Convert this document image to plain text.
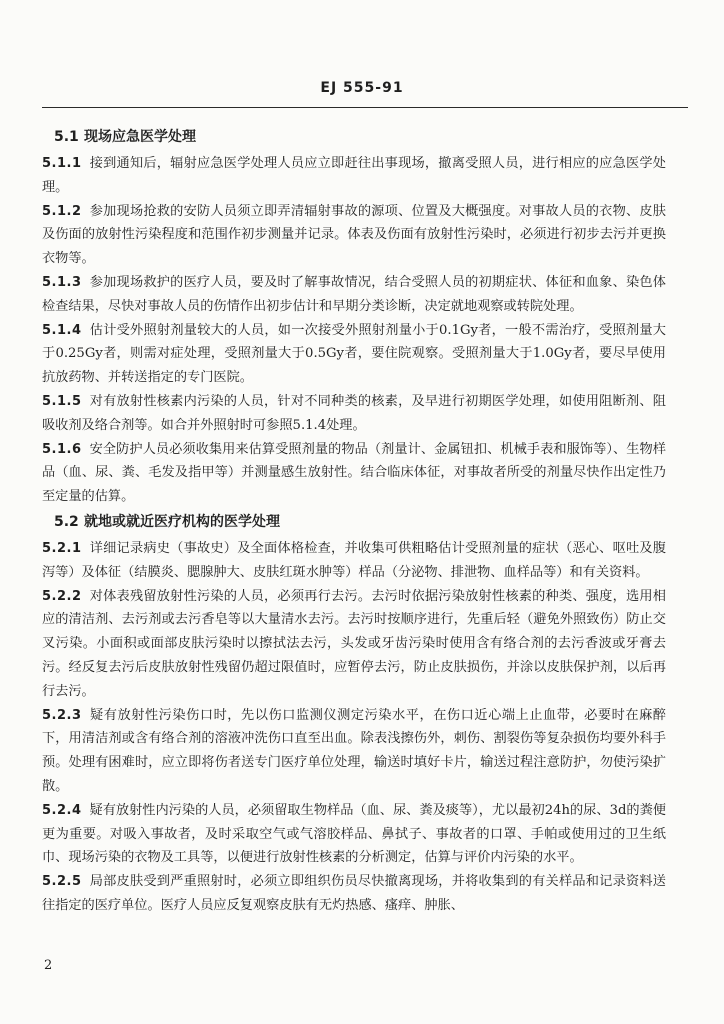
EJ 555-91
5.1 现场应急医学处理

5.1.1 接到通知后，辐射应急医学处理人员应立即赶往出事现场，撤离受照人员，进行相应的应急医学处理。

5.1.2 参加现场抢救的安防人员须立即弄清辐射事故的源项、位置及大概强度。对事故人员的衣物、皮肤及伤面的放射性污染程度和范围作初步测量并记录。体表及伤面有放射性污染时，必须进行初步去污并更换衣物等。

5.1.3 参加现场救护的医疗人员，要及时了解事故情况，结合受照人员的初期症状、体征和血象、染色体检查结果，尽快对事故人员的伤情作出初步估计和早期分类诊断，决定就地观察或转院处理。

5.1.4 估计受外照射剂量较大的人员，如一次接受外照射剂量小于0.1Gy者，一般不需治疗，受照剂量大于0.25Gy者，则需对症处理，受照剂量大于0.5Gy者，要住院观察。受照剂量大于1.0Gy者，要尽早使用抗放药物、并转送指定的专门医院。

5.1.5 对有放射性核素内污染的人员，针对不同种类的核素，及早进行初期医学处理，如使用阻断剂、阻吸收剂及络合剂等。如合并外照射时可参照5.1.4处理。

5.1.6 安全防护人员必须收集用来估算受照剂量的物品（剂量计、金属钮扣、机械手表和服饰等）、生物样品（血、尿、粪、毛发及指甲等）并测量感生放射性。结合临床体征，对事故者所受的剂量尽快作出定性乃至定量的估算。

5.2 就地或就近医疗机构的医学处理

5.2.1 详细记录病史（事故史）及全面体格检查，并收集可供粗略估计受照剂量的症状（恶心、呕吐及腹泻等）及体征（结膜炎、腮腺肿大、皮肤红斑水肿等）样品（分泌物、排泄物、血样品等）和有关资料。

5.2.2 对体表残留放射性污染的人员，必须再行去污。去污时依据污染放射性核素的种类、强度，选用相应的清洁剂、去污剂或去污香皂等以大量清水去污。去污时按顺序进行，先重后轻（避免外照致伤）防止交叉污染。小面积或面部皮肤污染时以擦拭法去污，头发或牙齿污染时使用含有络合剂的去污香波或牙膏去污。经反复去污后皮肤放射性残留仍超过限值时，应暂停去污，防止皮肤损伤，并涂以皮肤保护剂，以后再行去污。

5.2.3 疑有放射性污染伤口时，先以伤口监测仪测定污染水平，在伤口近心端上止血带，必要时在麻醉下，用清洁剂或含有络合剂的溶液冲洗伤口直至出血。除表浅擦伤外，刺伤、割裂伤等复杂损伤均要外科手预。处理有困难时，应立即将伤者送专门医疗单位处理，输送时填好卡片，输送过程注意防护，勿使污染扩散。

5.2.4 疑有放射性内污染的人员，必须留取生物样品（血、尿、粪及痰等），尤以最初24h的尿、3d的粪便更为重要。对吸入事故者，及时采取空气或气溶胶样品、鼻拭子、事故者的口罩、手帕或使用过的卫生纸巾、现场污染的衣物及工具等，以便进行放射性核素的分析测定，估算与评价内污染的水平。

5.2.5 局部皮肤受到严重照射时，必须立即组织伤员尽快撤离现场，并将收集到的有关样品和记录资料送往指定的医疗单位。医疗人员应反复观察皮肤有无灼热感、瘙痒、肿胀、

2
